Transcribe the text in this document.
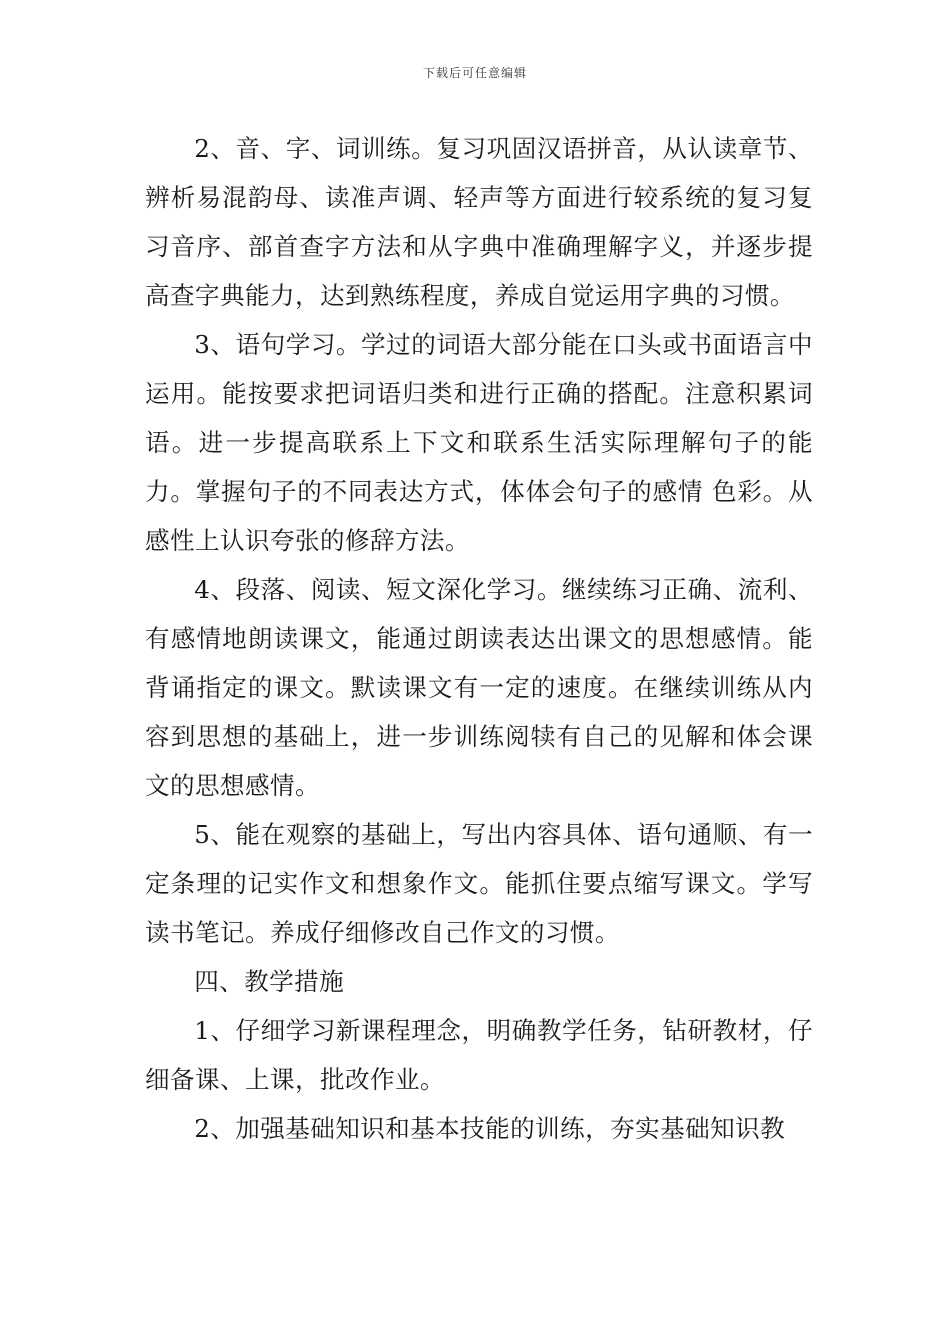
下载后可任意编辑

2、音、字、词训练。复习巩固汉语拼音，从认读章节、辨析易混韵母、读准声调、轻声等方面进行较系统的复习复习音序、部首查字方法和从字典中准确理解字义，并逐步提高查字典能力，达到熟练程度，养成自觉运用字典的习惯。

3、语句学习。学过的词语大部分能在口头或书面语言中运用。能按要求把词语归类和进行正确的搭配。注意积累词语。进一步提高联系上下文和联系生活实际理解句子的能力。掌握句子的不同表达方式，体体会句子的感情 色彩。从感性上认识夸张的修辞方法。

4、段落、阅读、短文深化学习。继续练习正确、流利、有感情地朗读课文，能通过朗读表达出课文的思想感情。能背诵指定的课文。默读课文有一定的速度。在继续训练从内容到思想的基础上，进一步训练阅犊有自己的见解和体会课文的思想感情。

5、能在观察的基础上，写出内容具体、语句通顺、有一定条理的记实作文和想象作文。能抓住要点缩写课文。学写读书笔记。养成仔细修改自己作文的习惯。

四、教学措施

1、仔细学习新课程理念，明确教学任务，钻研教材，仔细备课、上课，批改作业。

2、加强基础知识和基本技能的训练，夯实基础知识教
